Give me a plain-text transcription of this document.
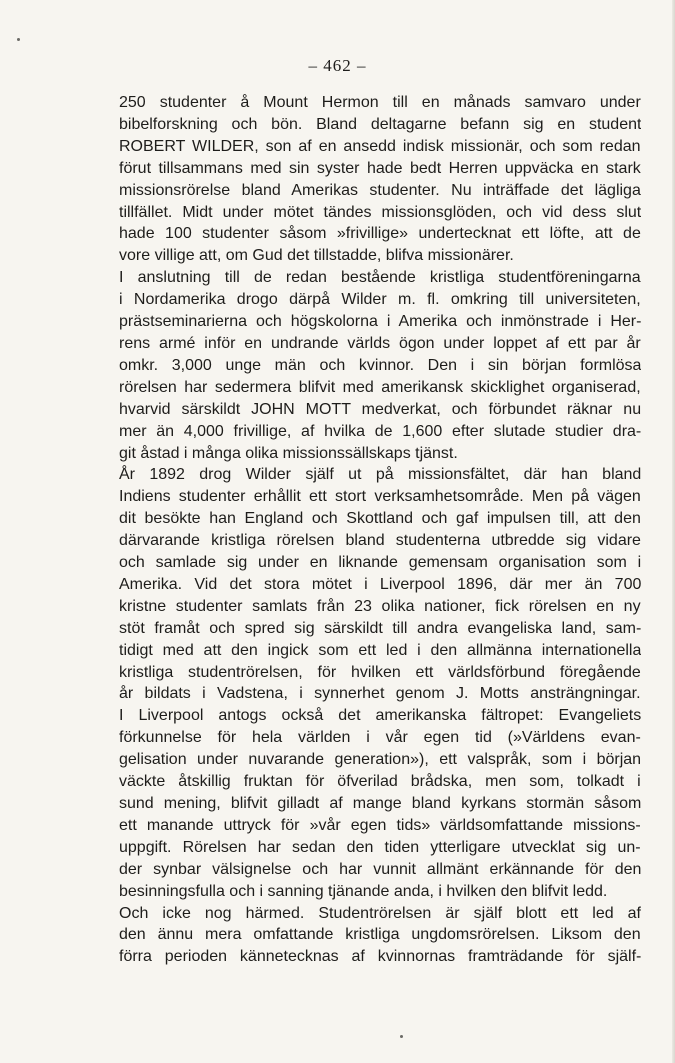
– 462 –
250 studenter å Mount Hermon till en månads samvaro under
bibelforskning och bön. Bland deltagarne befann sig en student
ROBERT WILDER, son af en ansedd indisk missionär, och som redan
förut tillsammans med sin syster hade bedt Herren uppväcka en stark
missionsrörelse bland Amerikas studenter. Nu inträffade det lägliga
tillfället. Midt under mötet tändes missionsglöden, och vid dess slut
hade 100 studenter såsom »frivillige» undertecknat ett löfte, att de
vore villige att, om Gud det tillstadde, blifva missionärer.
I anslutning till de redan bestående kristliga studentföreningarna
i Nordamerika drogo därpå Wilder m. fl. omkring till universiteten,
prästseminarierna och högskolorna i Amerika och inmönstrade i Her-
rens armé inför en undrande världs ögon under loppet af ett par år
omkr. 3,000 unge män och kvinnor. Den i sin början formlösa
rörelsen har sedermera blifvit med amerikansk skicklighet organiserad,
hvarvid särskildt JOHN MOTT medverkat, och förbundet räknar nu
mer än 4,000 frivillige, af hvilka de 1,600 efter slutade studier dra-
git åstad i många olika missionssällskaps tjänst.
År 1892 drog Wilder själf ut på missionsfältet, där han bland
Indiens studenter erhållit ett stort verksamhetsområde. Men på vägen
dit besökte han England och Skottland och gaf impulsen till, att den
därvarande kristliga rörelsen bland studenterna utbredde sig vidare
och samlade sig under en liknande gemensam organisation som i
Amerika. Vid det stora mötet i Liverpool 1896, där mer än 700
kristne studenter samlats från 23 olika nationer, fick rörelsen en ny
stöt framåt och spred sig särskildt till andra evangeliska land, sam-
tidigt med att den ingick som ett led i den allmänna internationella
kristliga studentrörelsen, för hvilken ett världsförbund föregående
år bildats i Vadstena, i synnerhet genom J. Motts ansträngningar.
I Liverpool antogs också det amerikanska fältropet: Evangeliets
förkunnelse för hela världen i vår egen tid (»Världens evan-
gelisation under nuvarande generation»), ett valspråk, som i början
väckte åtskillig fruktan för öfverilad brådska, men som, tolkadt i
sund mening, blifvit gilladt af mange bland kyrkans stormän såsom
ett manande uttryck för »vår egen tids» världsomfattande missions-
uppgift. Rörelsen har sedan den tiden ytterligare utvecklat sig un-
der synbar välsignelse och har vunnit allmänt erkännande för den
besinningsfulla och i sanning tjänande anda, i hvilken den blifvit ledd.
Och icke nog härmed. Studentrörelsen är själf blott ett led af
den ännu mera omfattande kristliga ungdomsrörelsen. Liksom den
förra perioden kännetecknas af kvinnornas framträdande för själf-
